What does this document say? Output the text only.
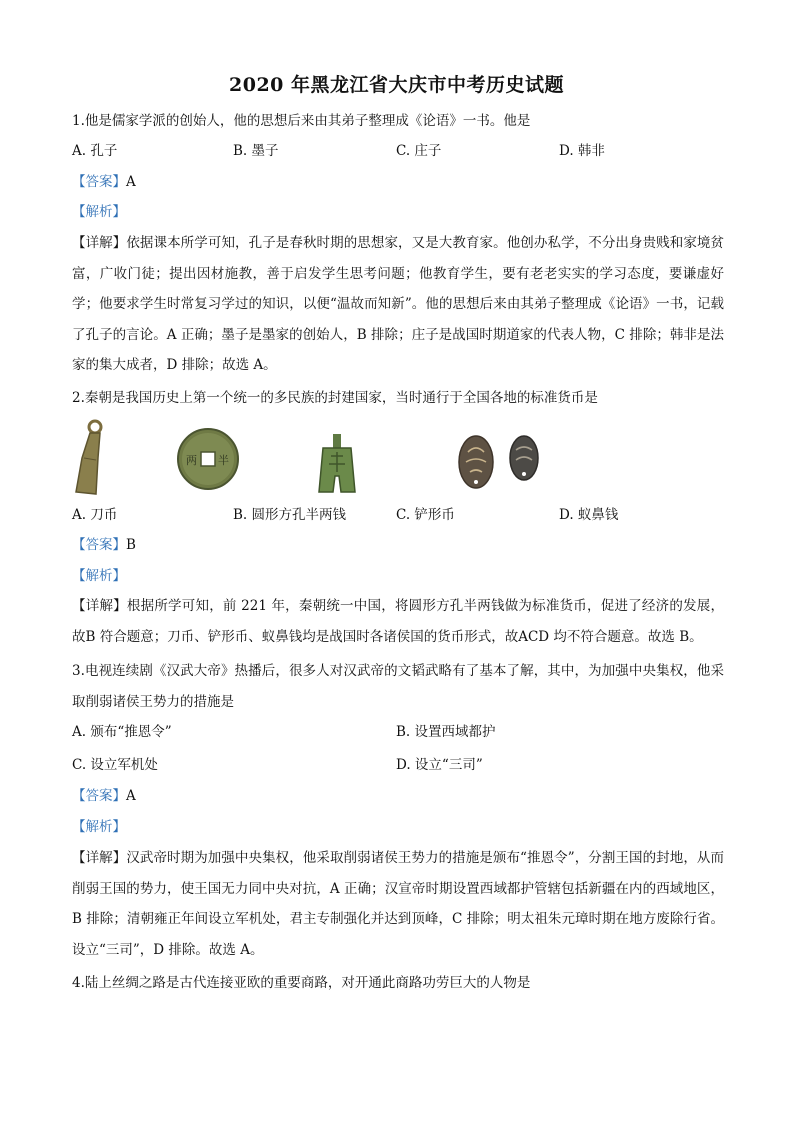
2020 年黑龙江省大庆市中考历史试题
1.他是儒家学派的创始人，他的思想后来由其弟子整理成《论语》一书。他是
A. 孔子	B. 墨子	C. 庄子	D. 韩非
【答案】A
【解析】
【详解】依据课本所学可知，孔子是春秋时期的思想家，又是大教育家。他创办私学，不分出身贵贱和家境贫富，广收门徒；提出因材施教，善于启发学生思考问题；他教育学生，要有老老实实的学习态度，要谦虚好学；他要求学生时常复习学过的知识，以便“温故而知新”。他的思想后来由其弟子整理成《论语》一书，记载了孔子的言论。A 正确；墨子是墨家的创始人，B 排除；庄子是战国时期道家的代表人物，C 排除；韩非是法家的集大成者，D 排除；故选 A。
2.秦朝是我国历史上第一个统一的多民族的封建国家，当时通行于全国各地的标准货币是
两 半
A. 刀币	B. 圆形方孔半两钱	C. 铲形币	D. 蚁鼻钱
【答案】B
【解析】
【详解】根据所学可知，前 221 年，秦朝统一中国，将圆形方孔半两钱做为标准货币，促进了经济的发展，故B 符合题意；刀币、铲形币、蚁鼻钱均是战国时各诸侯国的货币形式，故ACD 均不符合题意。故选 B。
3.电视连续剧《汉武大帝》热播后，很多人对汉武帝的文韬武略有了基本了解，其中，为加强中央集权，他采取削弱诸侯王势力的措施是
A. 颁布“推恩令”	B. 设置西域都护
C. 设立军机处	D. 设立“三司”
【答案】A
【解析】
【详解】汉武帝时期为加强中央集权，他采取削弱诸侯王势力的措施是颁布“推恩令”，分割王国的封地，从而削弱王国的势力，使王国无力同中央对抗，A 正确；汉宣帝时期设置西域都护管辖包括新疆在内的西域地区，B 排除；清朝雍正年间设立军机处，君主专制强化并达到顶峰，C 排除；明太祖朱元璋时期在地方废除行省。设立“三司”，D 排除。故选 A。
4.陆上丝绸之路是古代连接亚欧的重要商路，对开通此商路功劳巨大的人物是
